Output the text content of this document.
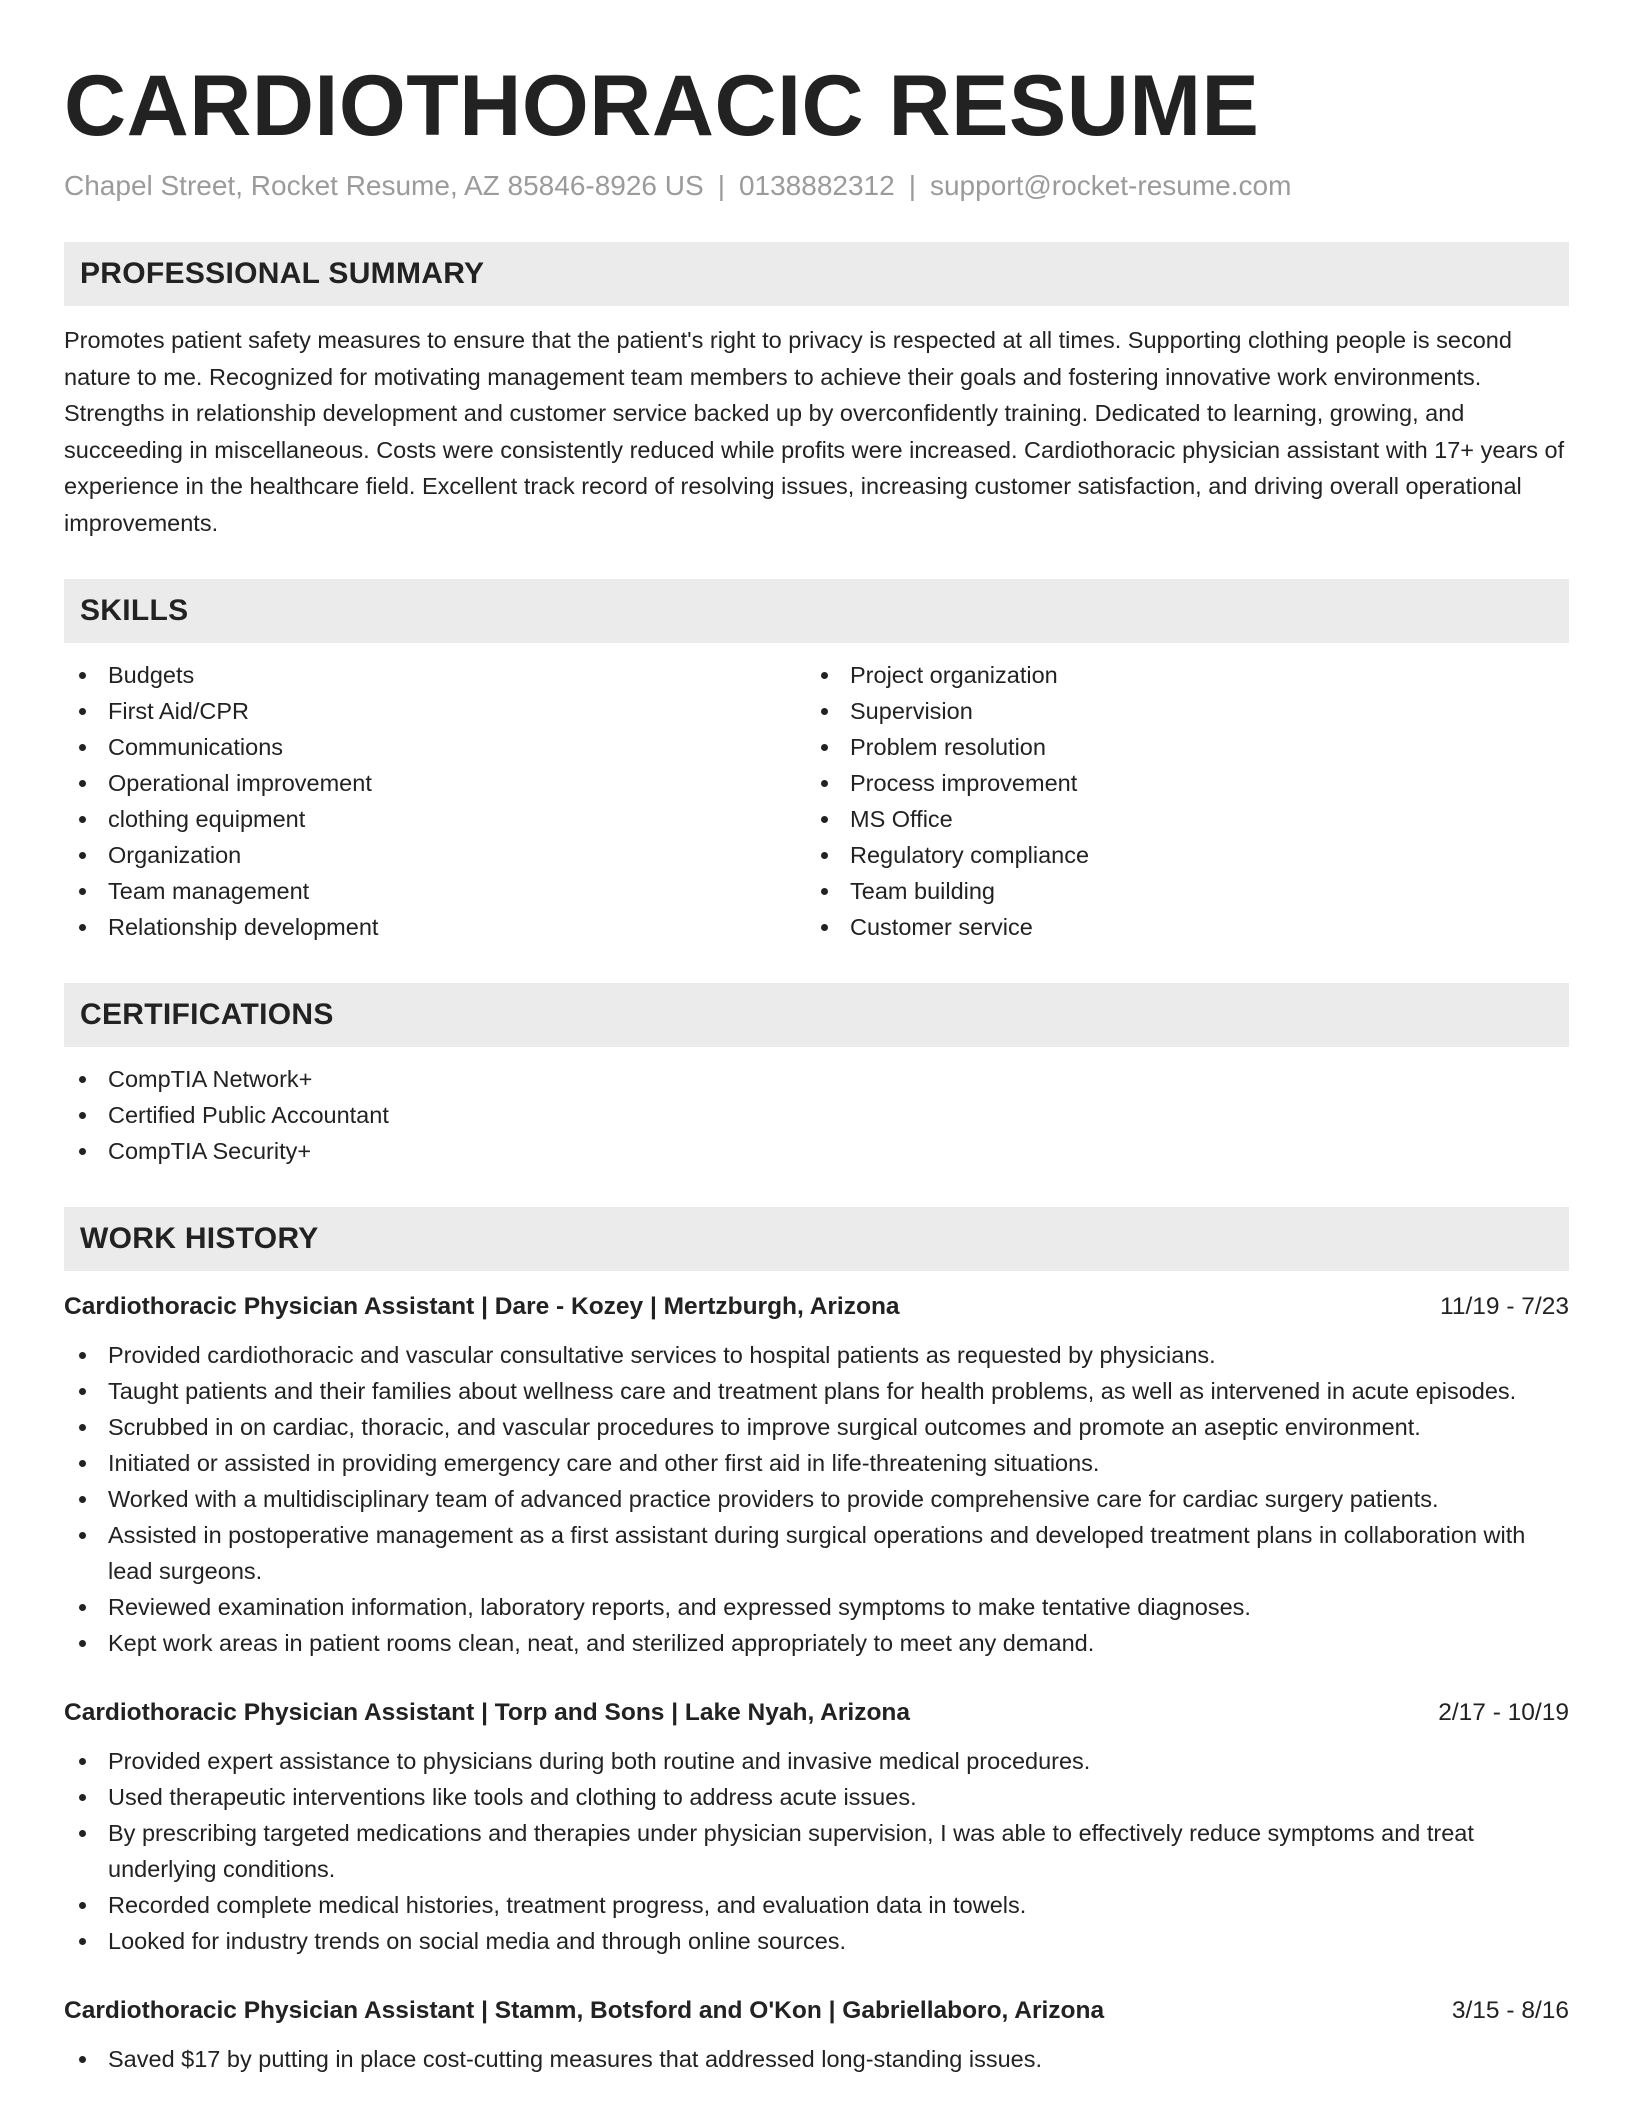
CARDIOTHORACIC RESUME
Chapel Street, Rocket Resume, AZ 85846-8926 US | 0138882312 | support@rocket-resume.com
PROFESSIONAL SUMMARY

Promotes patient safety measures to ensure that the patient's right to privacy is respected at all times. Supporting clothing people is second nature to me. Recognized for motivating management team members to achieve their goals and fostering innovative work environments. Strengths in relationship development and customer service backed up by overconfidently training. Dedicated to learning, growing, and succeeding in miscellaneous. Costs were consistently reduced while profits were increased. Cardiothoracic physician assistant with 17+ years of experience in the healthcare field. Excellent track record of resolving issues, increasing customer satisfaction, and driving overall operational improvements.

SKILLS
Budgets
First Aid/CPR
Communications
Operational improvement
clothing equipment
Organization
Team management
Relationship development
Project organization
Supervision
Problem resolution
Process improvement
MS Office
Regulatory compliance
Team building
Customer service
CERTIFICATIONS
CompTIA Network+
Certified Public Accountant
CompTIA Security+
WORK HISTORY
Cardiothoracic Physician Assistant | Dare - Kozey | Mertzburgh, Arizona	11/19 - 7/23
Provided cardiothoracic and vascular consultative services to hospital patients as requested by physicians.
Taught patients and their families about wellness care and treatment plans for health problems, as well as intervened in acute episodes.
Scrubbed in on cardiac, thoracic, and vascular procedures to improve surgical outcomes and promote an aseptic environment.
Initiated or assisted in providing emergency care and other first aid in life-threatening situations.
Worked with a multidisciplinary team of advanced practice providers to provide comprehensive care for cardiac surgery patients.
Assisted in postoperative management as a first assistant during surgical operations and developed treatment plans in collaboration with lead surgeons.
Reviewed examination information, laboratory reports, and expressed symptoms to make tentative diagnoses.
Kept work areas in patient rooms clean, neat, and sterilized appropriately to meet any demand.
Cardiothoracic Physician Assistant | Torp and Sons | Lake Nyah, Arizona	2/17 - 10/19
Provided expert assistance to physicians during both routine and invasive medical procedures.
Used therapeutic interventions like tools and clothing to address acute issues.
By prescribing targeted medications and therapies under physician supervision, I was able to effectively reduce symptoms and treat underlying conditions.
Recorded complete medical histories, treatment progress, and evaluation data in towels.
Looked for industry trends on social media and through online sources.
Cardiothoracic Physician Assistant | Stamm, Botsford and O'Kon | Gabriellaboro, Arizona	3/15 - 8/16
Saved $17 by putting in place cost-cutting measures that addressed long-standing issues.
